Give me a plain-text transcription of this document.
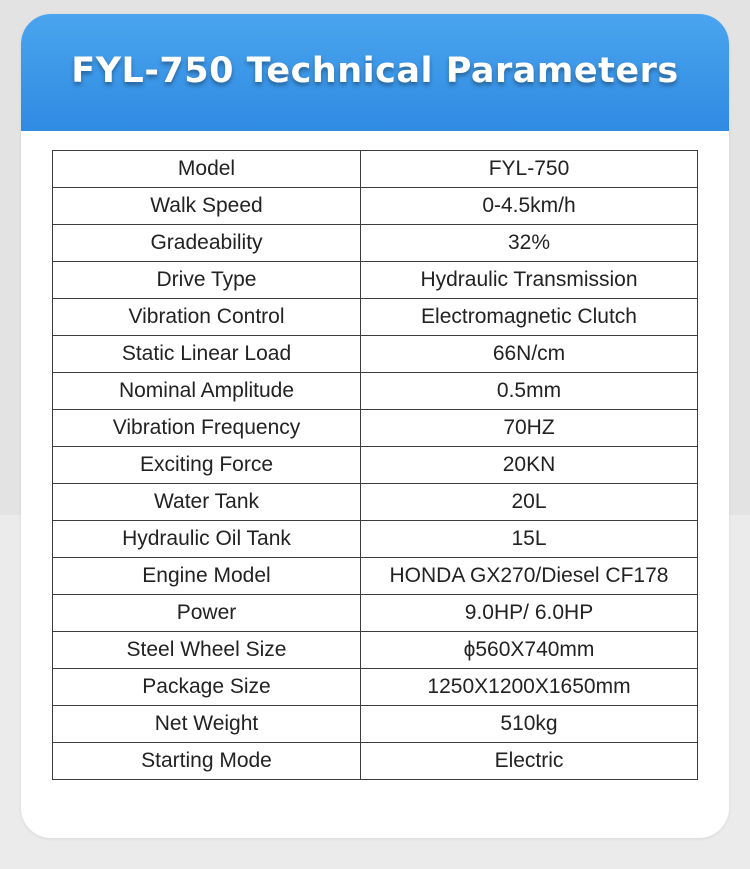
FYL-750 Technical Parameters
Model	FYL-750
Walk Speed	0-4.5km/h
Gradeability	32%
Drive Type	Hydraulic Transmission
Vibration Control	Electromagnetic Clutch
Static Linear Load	66N/cm
Nominal Amplitude	0.5mm
Vibration Frequency	70HZ
Exciting Force	20KN
Water Tank	20L
Hydraulic Oil Tank	15L
Engine Model	HONDA GX270/Diesel CF178
Power	9.0HP/ 6.0HP
Steel Wheel Size	ϕ560X740mm
Package Size	1250X1200X1650mm
Net Weight	510kg
Starting Mode	Electric
